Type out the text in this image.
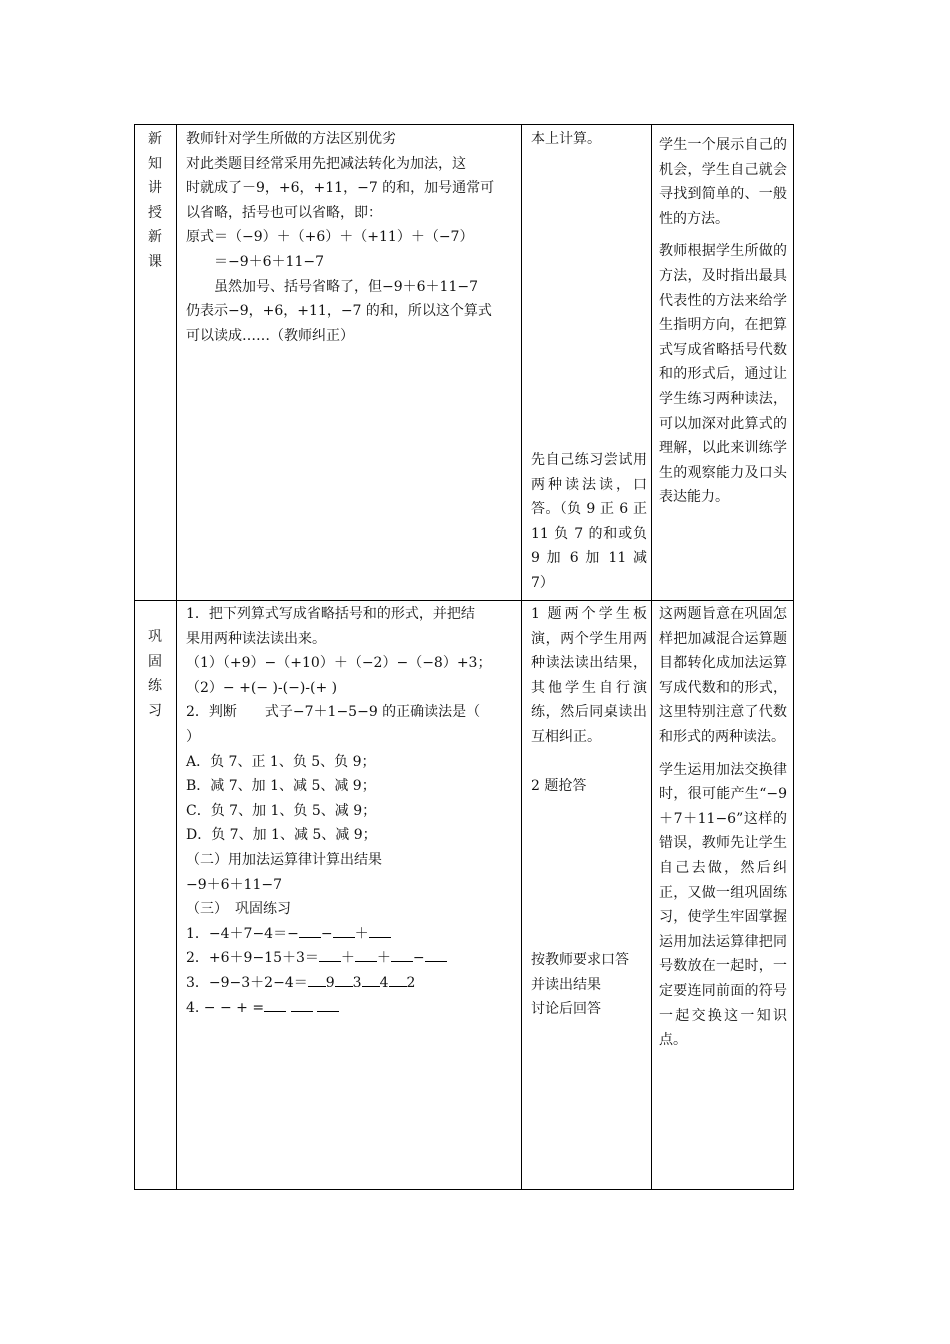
新知讲授新课

教师针对学生所做的方法区别优劣

对此类题目经常采用先把减法转化为加法，这

时就成了－9，+6，+11，−7 的和，加号通常可

以省略，括号也可以省略，即：

原式＝（−9）＋（+6）＋（+11）＋（−7）

＝−9＋6＋11−7

虽然加号、括号省略了，但−9＋6＋11−7

仍表示−9，+6，+11，−7 的和，所以这个算式

可以读成……（教师纠正）

本上计算。

先自己练习尝试用两种读法读，口答。（负 9 正 6 正 11 负 7 的和或负 9 加 6 加 11 减 7）
学生一个展示自己的机会，学生自己就会寻找到简单的、一般性的方法。
教师根据学生所做的方法，及时指出最具代表性的方法来给学生指明方向，在把算式写成省略括号代数和的形式后，通过让学生练习两种读法，可以加深对此算式的理解，以此来训练学生的观察能力及口头表达能力。
巩固练习

1．把下列算式写成省略括号和的形式，并把结

果用两种读法读出来。

（1）（+9）−（+10）＋（−2）−（−8）+3；

（2）− +(− )-(−)-(+ )

2．判断　　式子−7＋1−5−9 的正确读法是（

）

A．负 7、正 1、负 5、负 9；

B．减 7、加 1、减 5、减 9；

C．负 7、加 1、负 5、减 9；

D．负 7、加 1、减 5、减 9；

（二）用加法运算律计算出结果

−9＋6＋11−7

（三）　巩固练习

1．−4＋7−4＝− − ＋

2．+6＋9−15＋3＝ ＋ ＋ −

3．−9−3＋2−4＝ 9 3 4 2

4. − − + =

1 题两个学生板演，两个学生用两种读法读出结果，其他学生自行演练，然后同桌读出互相纠正。

2 题抢答

按教师要求口答

并读出结果

讨论后回答

这两题旨意在巩固怎样把加减混合运算题目都转化成加法运算写成代数和的形式，这里特别注意了代数和形式的两种读法。
学生运用加法交换律时，很可能产生“−9＋7＋11−6”这样的错误，教师先让学生自己去做，然后纠正，又做一组巩固练习，使学生牢固掌握运用加法运算律把同号数放在一起时，一定要连同前面的符号一起交换这一知识点。
